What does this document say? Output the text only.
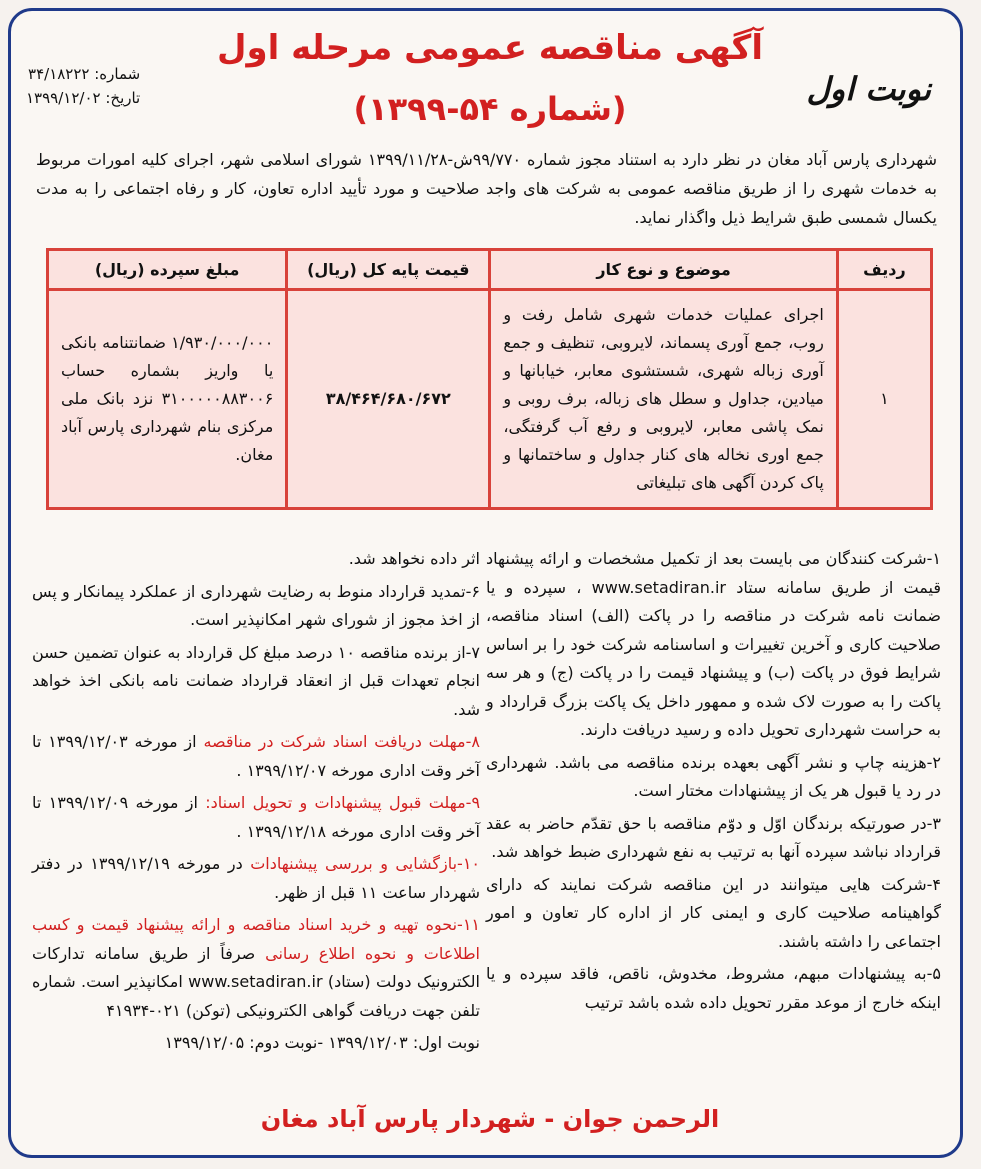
آگهی مناقصه عمومی مرحله اول
(شماره ۵۴-۱۳۹۹)
نوبت اول
شماره: ۳۴/۱۸۲۲۲
تاریخ: ۱۳۹۹/۱۲/۰۲
شهرداری پارس آباد مغان در نظر دارد به استناد مجوز شماره ۹۹/۷۷۰ش-۱۳۹۹/۱۱/۲۸ شورای اسلامی شهر، اجرای کلیه امورات مربوط به خدمات شهری را از طریق مناقصه عمومی به شرکت های واجد صلاحیت و مورد تأیید اداره تعاون، کار و رفاه اجتماعی را به مدت یکسال شمسی طبق شرایط ذیل واگذار نماید.
ردیف	موضوع و نوع کار	قیمت پایه کل (ریال)	مبلغ سپرده (ریال)
۱	اجرای عملیات خدمات شهری شامل رفت و روب، جمع آوری پسماند، لایروبی، تنظیف و جمع آوری زباله شهری، شستشوی معابر، خیابانها و میادین، جداول و سطل های زباله، برف روبی و نمک پاشی معابر، لایروبی و رفع آب گرفتگی، جمع اوری نخاله های کنار جداول و ساختمانها و پاک کردن آگهی های تبلیغاتی	۳۸/۴۶۴/۶۸۰/۶۷۲	۱/۹۳۰/۰۰۰/۰۰۰ ضمانتنامه بانکی یا واریز بشماره حساب ۳۱۰۰۰۰۰۸۸۳۰۰۶ نزد بانک ملی مرکزی بنام شهرداری پارس آباد مغان.

۱-شرکت کنندگان می بایست بعد از تکمیل مشخصات و ارائه پیشنهاد قیمت از طریق سامانه ستاد www.setadiran.ir ، سپرده و یا ضمانت نامه شرکت در مناقصه را در پاکت (الف) اسناد مناقصه، صلاحیت کاری و آخرین تغییرات و اساسنامه شرکت خود را بر اساس شرایط فوق در پاکت (ب) و پیشنهاد قیمت را در پاکت (ج) و هر سه پاکت را به صورت لاک شده و ممهور داخل یک پاکت بزرگ قرارداد و به حراست شهرداری تحویل داده و رسید دریافت دارند.

۲-هزینه چاپ و نشر آگهی بعهده برنده مناقصه می باشد. شهرداری در رد یا قبول هر یک از پیشنهادات مختار است.

۳-در صورتیکه برندگان اوّل و دوّم مناقصه با حق تقدّم حاضر به عقد قرارداد نباشد سپرده آنها به ترتیب به نفع شهرداری ضبط خواهد شد.

۴-شرکت هایی میتوانند در این مناقصه شرکت نمایند که دارای گواهینامه صلاحیت کاری و ایمنی کار از اداره کار تعاون و امور اجتماعی را داشته باشند.

۵-به پیشنهادات مبهم، مشروط، مخدوش، ناقص، فاقد سپرده و یا اینکه خارج از موعد مقرر تحویل داده شده باشد ترتیب

اثر داده نخواهد شد.

۶-تمدید قرارداد منوط به رضایت شهرداری از عملکرد پیمانکار و پس از اخذ مجوز از شورای شهر امکانپذیر است.

۷-از برنده مناقصه ۱۰ درصد مبلغ کل قرارداد به عنوان تضمین حسن انجام تعهدات قبل از انعقاد قرارداد ضمانت نامه بانکی اخذ خواهد شد.

۸-مهلت دریافت اسناد شرکت در مناقصه از مورخه ۱۳۹۹/۱۲/۰۳ تا آخر وقت اداری مورخه ۱۳۹۹/۱۲/۰۷ .

۹-مهلت قبول پیشنهادات و تحویل اسناد: از مورخه ۱۳۹۹/۱۲/۰۹ تا آخر وقت اداری مورخه ۱۳۹۹/۱۲/۱۸ .

۱۰-بازگشایی و بررسی پیشنهادات در مورخه ۱۳۹۹/۱۲/۱۹ در دفتر شهردار ساعت ۱۱ قبل از ظهر.

۱۱-نحوه تهیه و خرید اسناد مناقصه و ارائه پیشنهاد قیمت و کسب اطلاعات و نحوه اطلاع رسانی صرفاً از طریق سامانه تدارکات الکترونیک دولت (ستاد) www.setadiran.ir امکانپذیر است. شماره تلفن جهت دریافت گواهی الکترونیکی (توکن) ۰۲۱-۴۱۹۳۴

نوبت اول: ۱۳۹۹/۱۲/۰۳ -نوبت دوم: ۱۳۹۹/۱۲/۰۵

الرحمن جوان - شهردار پارس آباد مغان
